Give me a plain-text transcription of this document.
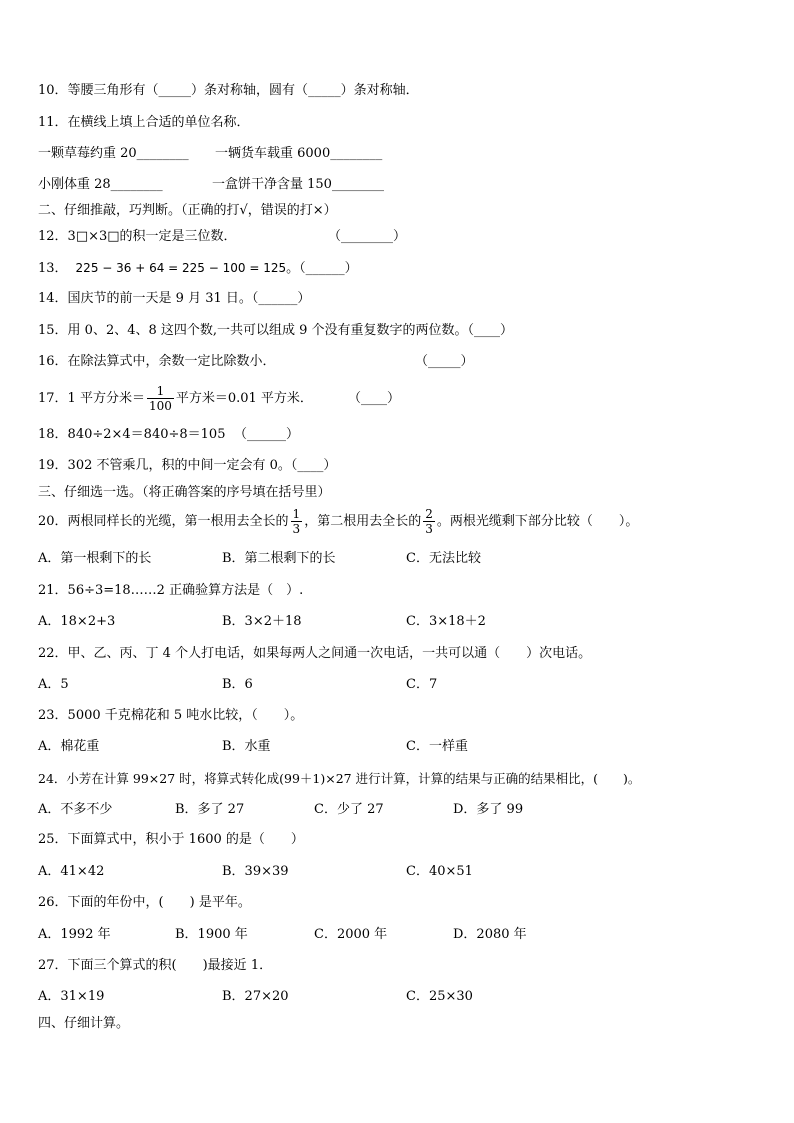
10．等腰三角形有（_____）条对称轴，圆有（_____）条对称轴．
11．在横线上填上合适的单位名称．
一颗草莓约重 20________ 一辆货车载重 6000________
小刚体重 28________	一盒饼干净含量 150________
二、仔细推敲，巧判断。（正确的打√，错误的打×）
12．3□×3□的积一定是三位数．	（________）
13． 225 − 36 + 64 = 225 − 100 = 125。（______）
14．国庆节的前一天是 9 月 31 日。（______）
15．用 0、2、4、8 这四个数,一共可以组成 9 个没有重复数字的两位数。（____）
16．在除法算式中，余数一定比除数小．	（_____）
17．1 平方分米＝ $\frac{1}{100}$ 平方米＝0.01 平方米．	（____）
18．840÷2×4＝840÷8＝105 （______）
19．302 不管乘几，积的中间一定会有 0。（____）
三、仔细选一选。（将正确答案的序号填在括号里）
20．两根同样长的光缆，第一根用去全长的 $\frac{1}{3}$ ，第二根用去全长的 $\frac{2}{3}$ 。两根光缆剩下部分比较（　　）。
A．第一根剩下的长	B．第二根剩下的长	C．无法比较
21．56÷3=18……2 正确验算方法是（　）.
A．18×2+3	B．3×2＋18	C．3×18＋2
22．甲、乙、丙、丁 4 个人打电话，如果每两人之间通一次电话，一共可以通（　　）次电话。
A．5	B．6	C．7
23．5000 千克棉花和 5 吨水比较，（　　）。
A．棉花重	B．水重	C．一样重
24．小芳在计算 99×27 时，将算式转化成(99＋1)×27 进行计算，计算的结果与正确的结果相比，(　　)。
A．不多不少	B．多了 27	C．少了 27	D．多了 99
25．下面算式中，积小于 1600 的是（　　）
A．41×42	B．39×39	C．40×51
26．下面的年份中，(　　) 是平年。
A．1992 年	B．1900 年	C．2000 年	D．2080 年
27．下面三个算式的积(　　)最接近 1．
A．31×19	B．27×20	C．25×30
四、仔细计算。
